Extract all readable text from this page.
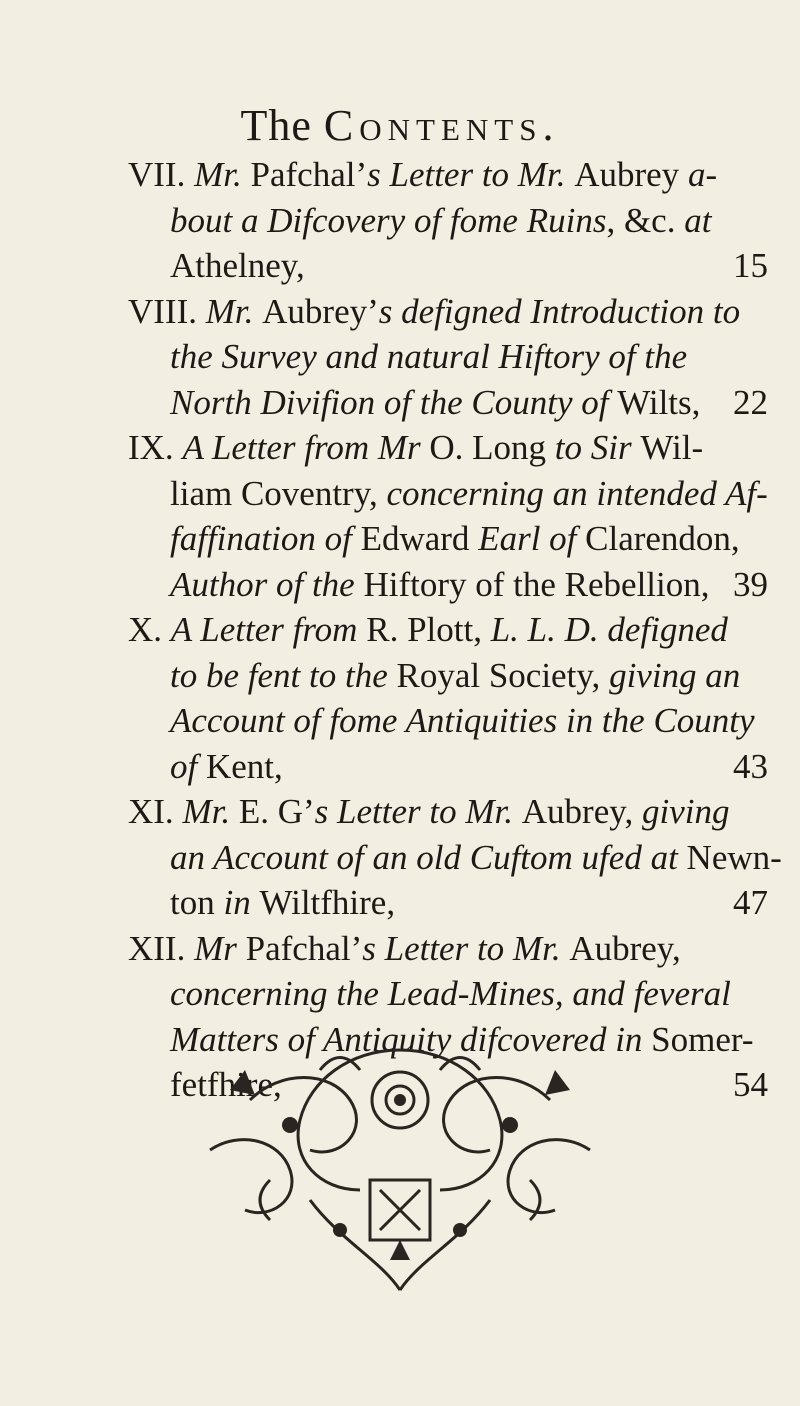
The Contents.
VII. Mr. Pafchal’s Letter to Mr. Aubrey a-
bout a Difcovery of fome Ruins, &c. at
Athelney,	15
VIII. Mr. Aubrey’s defigned Introduction to
the Survey and natural Hiftory of the
North Divifion of the County of Wilts, 22
IX. A Letter from Mr O. Long to Sir Wil-
liam Coventry, concerning an intended Af-
faffination of Edward Earl of Clarendon,
Author of the Hiftory of the Rebellion, 39
X. A Letter from R. Plott, L. L. D. defigned
to be fent to the Royal Society, giving an
Account of fome Antiquities in the County
of Kent,	43
XI. Mr. E. G’s Letter to Mr. Aubrey, giving
an Account of an old Cuftom ufed at Newn-
ton in Wiltfhire,	47
XII. Mr Pafchal’s Letter to Mr. Aubrey,
concerning the Lead-Mines, and feveral
Matters of Antiquity difcovered in Somer-
fetfhire,	54
